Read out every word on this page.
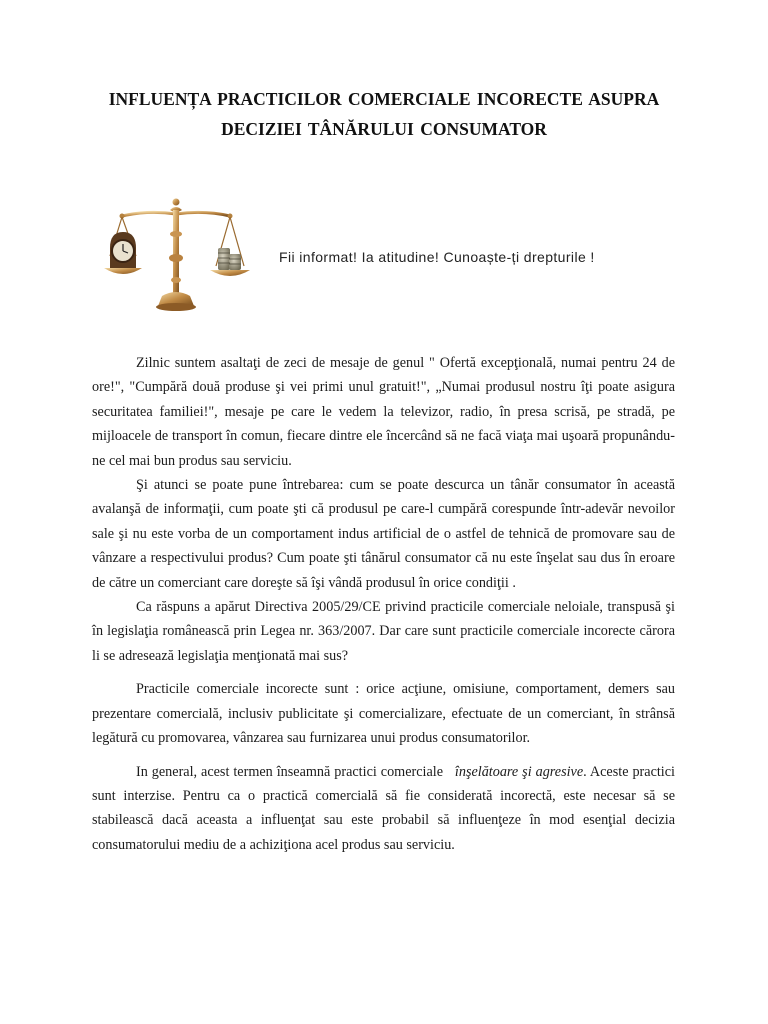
INFLUENȚA PRACTICILOR COMERCIALE INCORECTE ASUPRA
DECIZIEI TÂNĂRULUI CONSUMATOR
Fii informat! Ia atitudine! Cunoaște-ți drepturile !

Zilnic suntem asaltaţi de zeci de mesaje de genul " Ofertă excepţională, numai pentru 24 de ore!", "Cumpără două produse şi vei primi unul gratuit!", „Numai produsul nostru îţi poate asigura securitatea familiei!", mesaje pe care le vedem la televizor, radio, în presa scrisă, pe stradă, pe mijloacele de transport în comun, fiecare dintre ele încercând să ne facă viaţa mai uşoară propunându-ne cel mai bun produs sau serviciu.

Şi atunci se poate pune întrebarea: cum se poate descurca un tânăr consumator în această avalanşă de informaţii, cum poate şti că produsul pe care-l cumpără corespunde într-adevăr nevoilor sale şi nu este vorba de un comportament indus artificial de o astfel de tehnică de promovare sau de vânzare a respectivului produs? Cum poate şti tânărul consumator că nu este înşelat sau dus în eroare de către un comerciant care doreşte să îşi vândă produsul în orice condiţii .

Ca răspuns a apărut Directiva 2005/29/CE privind practicile comerciale neloiale, transpusă şi în legislaţia românească prin Legea nr. 363/2007. Dar care sunt practicile comerciale incorecte cărora li se adresează legislaţia menţionată mai sus?

Practicile comerciale incorecte sunt : orice acţiune, omisiune, comportament, demers sau prezentare comercială, inclusiv publicitate şi comercializare, efectuate de un comerciant, în strânsă legătură cu promovarea, vânzarea sau furnizarea unui produs consumatorilor.

In general, acest termen înseamnă practici comerciale înşelătoare şi agresive. Aceste practici sunt interzise. Pentru ca o practică comercială să fie considerată incorectă, este necesar să se stabilească dacă aceasta a influenţat sau este probabil să influenţeze în mod esenţial decizia consumatorului mediu de a achiziţiona acel produs sau serviciu.
